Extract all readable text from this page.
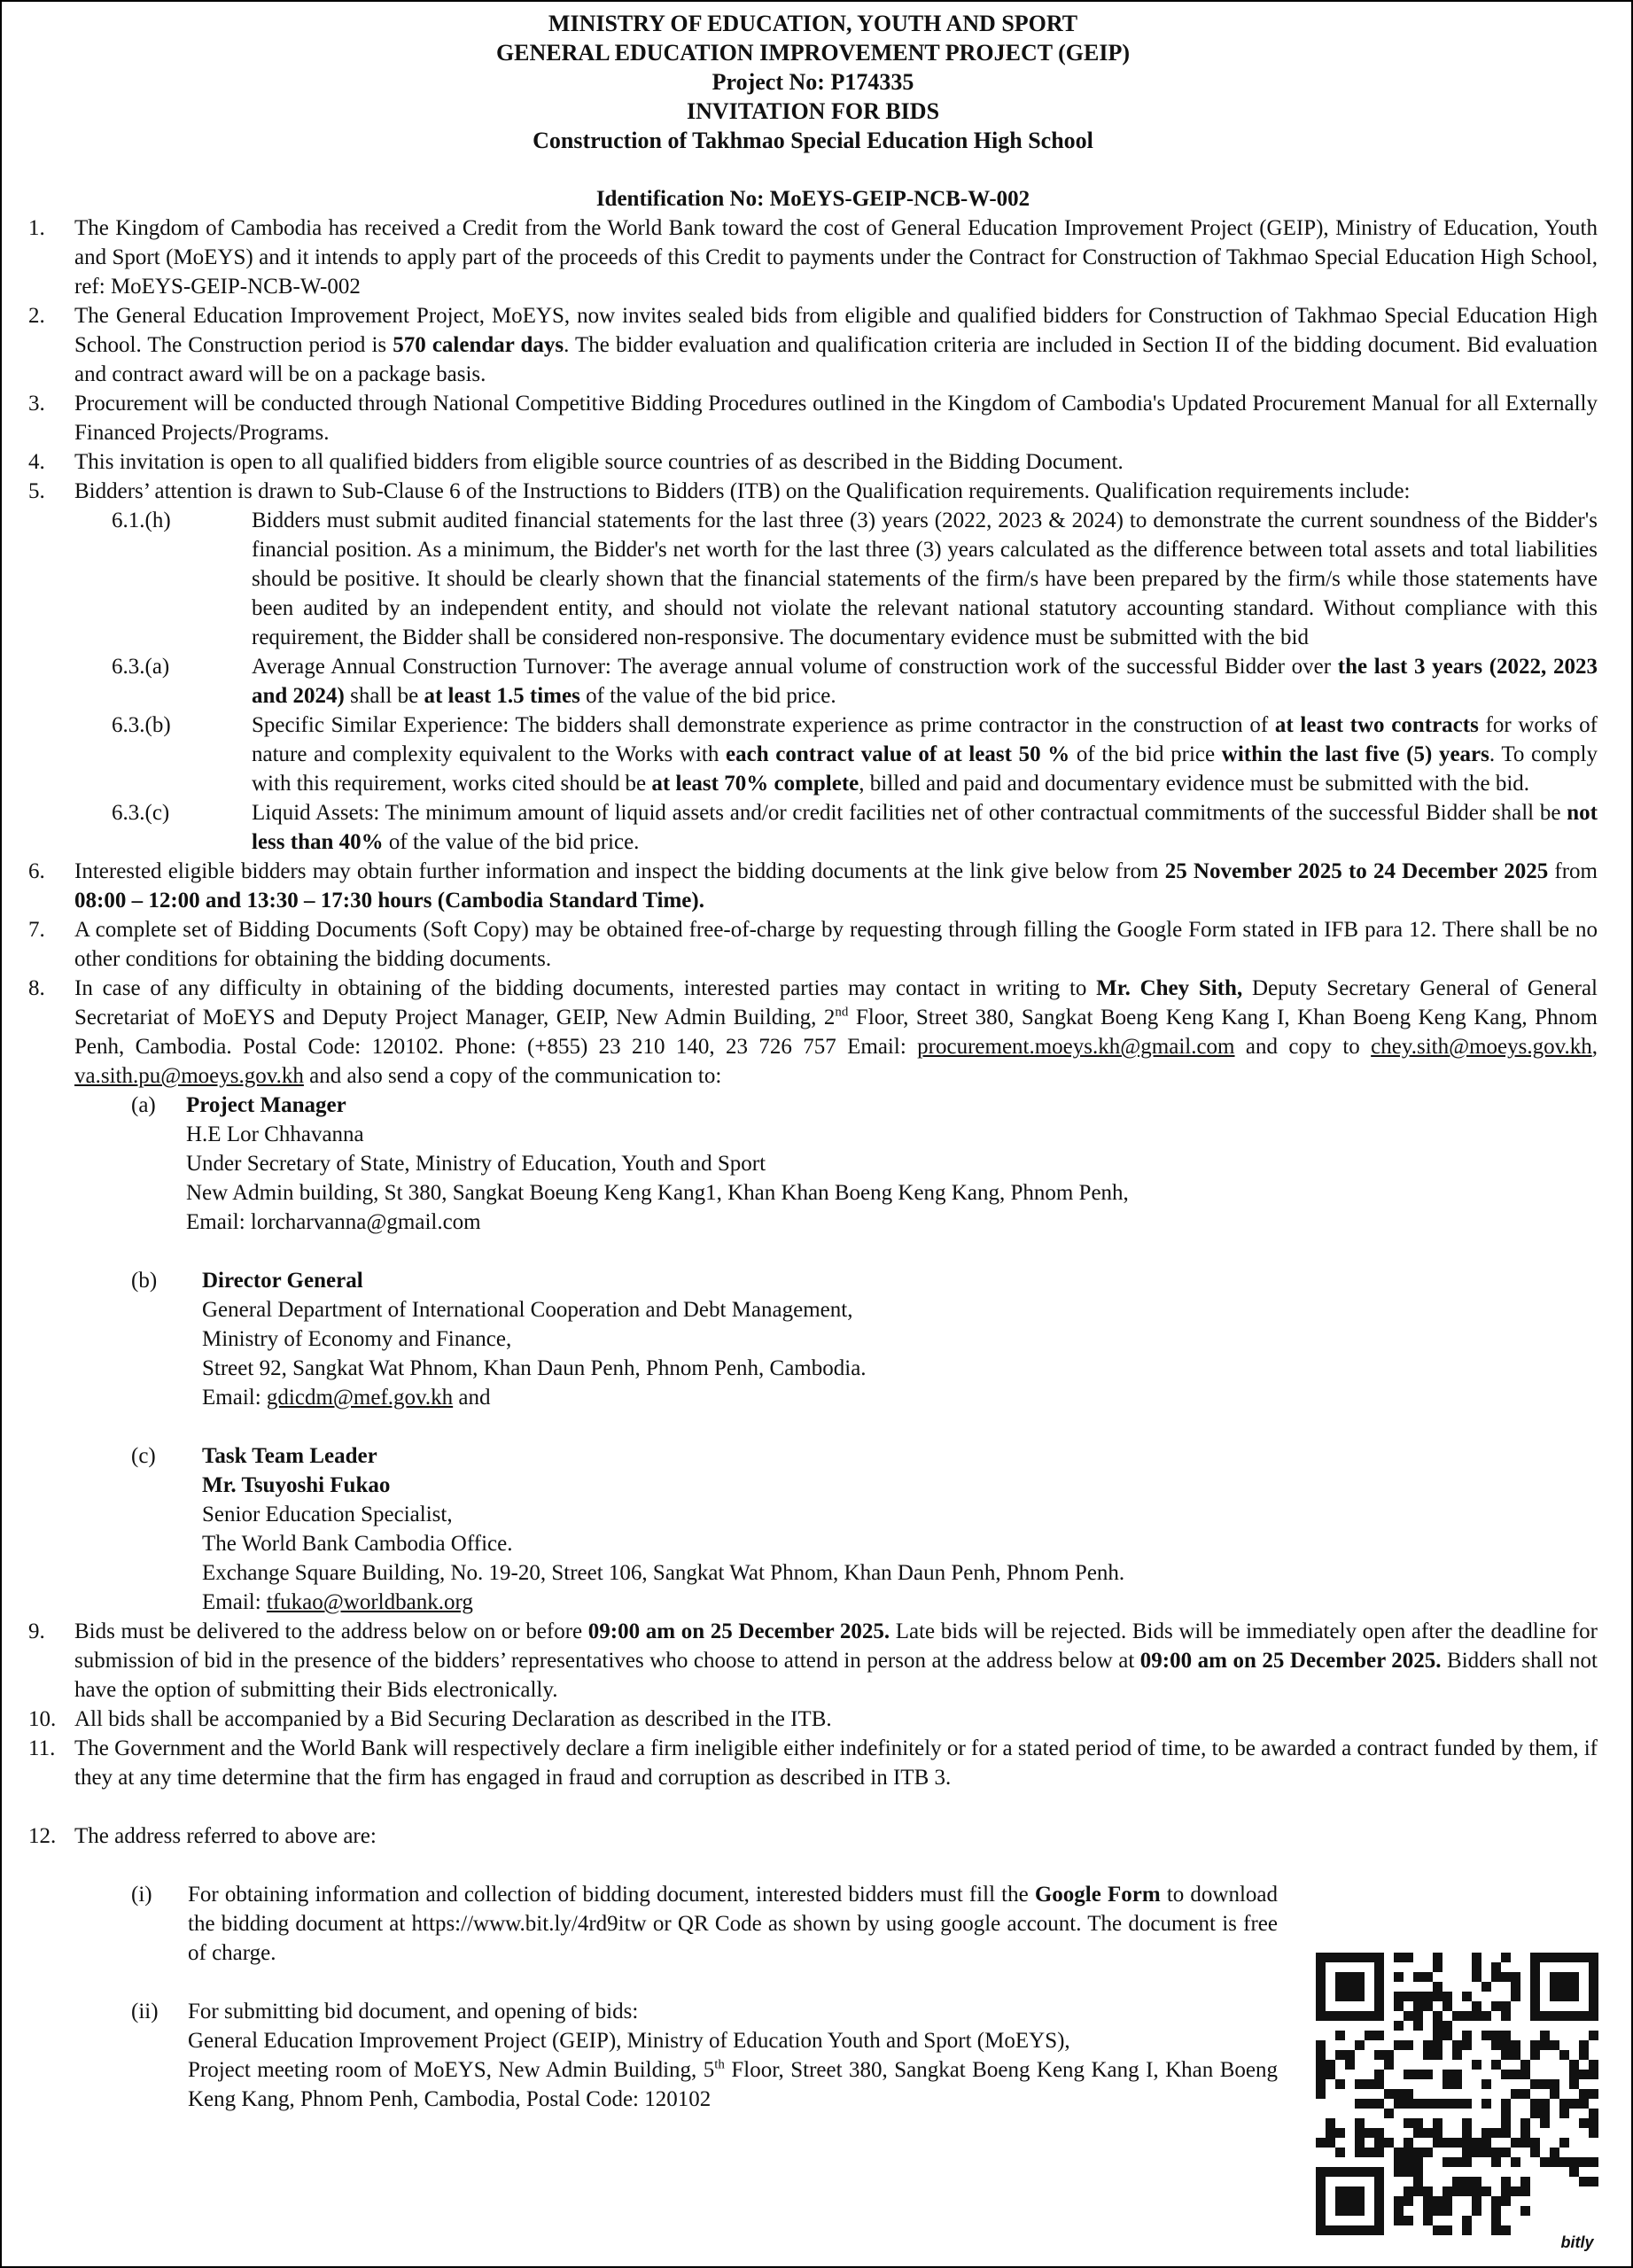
MINISTRY OF EDUCATION, YOUTH AND SPORT
GENERAL EDUCATION IMPROVEMENT PROJECT (GEIP)
Project No: P174335
INVITATION FOR BIDS
Construction of Takhmao Special Education High School
Identification No: MoEYS-GEIP-NCB-W-002
1.	The Kingdom of Cambodia has received a Credit from the World Bank toward the cost of General Education Improvement Project (GEIP), Ministry of Education, Youth and Sport (MoEYS) and it intends to apply part of the proceeds of this Credit to payments under the Contract for Construction of Takhmao Special Education High School, ref: MoEYS-GEIP-NCB-W-002
2.	The General Education Improvement Project, MoEYS, now invites sealed bids from eligible and qualified bidders for Construction of Takhmao Special Education High School. The Construction period is 570 calendar days. The bidder evaluation and qualification criteria are included in Section II of the bidding document. Bid evaluation and contract award will be on a package basis.
3.	Procurement will be conducted through National Competitive Bidding Procedures outlined in the Kingdom of Cambodia's Updated Procurement Manual for all Externally Financed Projects/Programs.
4.	This invitation is open to all qualified bidders from eligible source countries of as described in the Bidding Document.
5.	Bidders’ attention is drawn to Sub-Clause 6 of the Instructions to Bidders (ITB) on the Qualification requirements. Qualification requirements include:
6.1.(h)	Bidders must submit audited financial statements for the last three (3) years (2022, 2023 & 2024) to demonstrate the current soundness of the Bidder's financial position. As a minimum, the Bidder's net worth for the last three (3) years calculated as the difference between total assets and total liabilities should be positive. It should be clearly shown that the financial statements of the firm/s have been prepared by the firm/s while those statements have been audited by an independent entity, and should not violate the relevant national statutory accounting standard. Without compliance with this requirement, the Bidder shall be considered non-responsive. The documentary evidence must be submitted with the bid
6.3.(a)	Average Annual Construction Turnover: The average annual volume of construction work of the successful Bidder over the last 3 years (2022, 2023 and 2024) shall be at least 1.5 times of the value of the bid price.
6.3.(b)	Specific Similar Experience: The bidders shall demonstrate experience as prime contractor in the construction of at least two contracts for works of nature and complexity equivalent to the Works with each contract value of at least 50 % of the bid price within the last five (5) years. To comply with this requirement, works cited should be at least 70% complete, billed and paid and documentary evidence must be submitted with the bid.
6.3.(c)	Liquid Assets: The minimum amount of liquid assets and/or credit facilities net of other contractual commitments of the successful Bidder shall be not less than 40% of the value of the bid price.
6.	Interested eligible bidders may obtain further information and inspect the bidding documents at the link give below from 25 November 2025 to 24 December 2025 from 08:00 – 12:00 and 13:30 – 17:30 hours (Cambodia Standard Time).
7.	A complete set of Bidding Documents (Soft Copy) may be obtained free-of-charge by requesting through filling the Google Form stated in IFB para 12. There shall be no other conditions for obtaining the bidding documents.
8.	In case of any difficulty in obtaining of the bidding documents, interested parties may contact in writing to Mr. Chey Sith, Deputy Secretary General of General Secretariat of MoEYS and Deputy Project Manager, GEIP, New Admin Building, 2nd Floor, Street 380, Sangkat Boeng Keng Kang I, Khan Boeng Keng Kang, Phnom Penh, Cambodia. Postal Code: 120102. Phone: (+855) 23 210 140, 23 726 757 Email: procurement.moeys.kh@gmail.com and copy to chey.sith@moeys.gov.kh, va.sith.pu@moeys.gov.kh and also send a copy of the communication to:
(a)	Project Manager
H.E Lor Chhavanna
Under Secretary of State, Ministry of Education, Youth and Sport
New Admin building, St 380, Sangkat Boeung Keng Kang1, Khan Khan Boeng Keng Kang, Phnom Penh,
Email: lorcharvanna@gmail.com
(b)	Director General
General Department of International Cooperation and Debt Management,
Ministry of Economy and Finance,
Street 92, Sangkat Wat Phnom, Khan Daun Penh, Phnom Penh, Cambodia.
Email: gdicdm@mef.gov.kh and
(c)	Task Team Leader
Mr. Tsuyoshi Fukao
Senior Education Specialist,
The World Bank Cambodia Office.
Exchange Square Building, No. 19-20, Street 106, Sangkat Wat Phnom, Khan Daun Penh, Phnom Penh.
Email: tfukao@worldbank.org
9.	Bids must be delivered to the address below on or before 09:00 am on 25 December 2025. Late bids will be rejected. Bids will be immediately open after the deadline for submission of bid in the presence of the bidders’ representatives who choose to attend in person at the address below at 09:00 am on 25 December 2025. Bidders shall not have the option of submitting their Bids electronically.
10. All bids shall be accompanied by a Bid Securing Declaration as described in the ITB.
11. The Government and the World Bank will respectively declare a firm ineligible either indefinitely or for a stated period of time, to be awarded a contract funded by them, if they at any time determine that the firm has engaged in fraud and corruption as described in ITB 3.
12. The address referred to above are:
(i)	For obtaining information and collection of bidding document, interested bidders must fill the Google Form to download the bidding document at https://www.bit.ly/4rd9itw or QR Code as shown by using google account. The document is free of charge.
(ii)	For submitting bid document, and opening of bids:
General Education Improvement Project (GEIP), Ministry of Education Youth and Sport (MoEYS),
Project meeting room of MoEYS, New Admin Building, 5th Floor, Street 380, Sangkat Boeng Keng Kang I, Khan Boeng Keng Kang, Phnom Penh, Cambodia, Postal Code: 120102
bitly
